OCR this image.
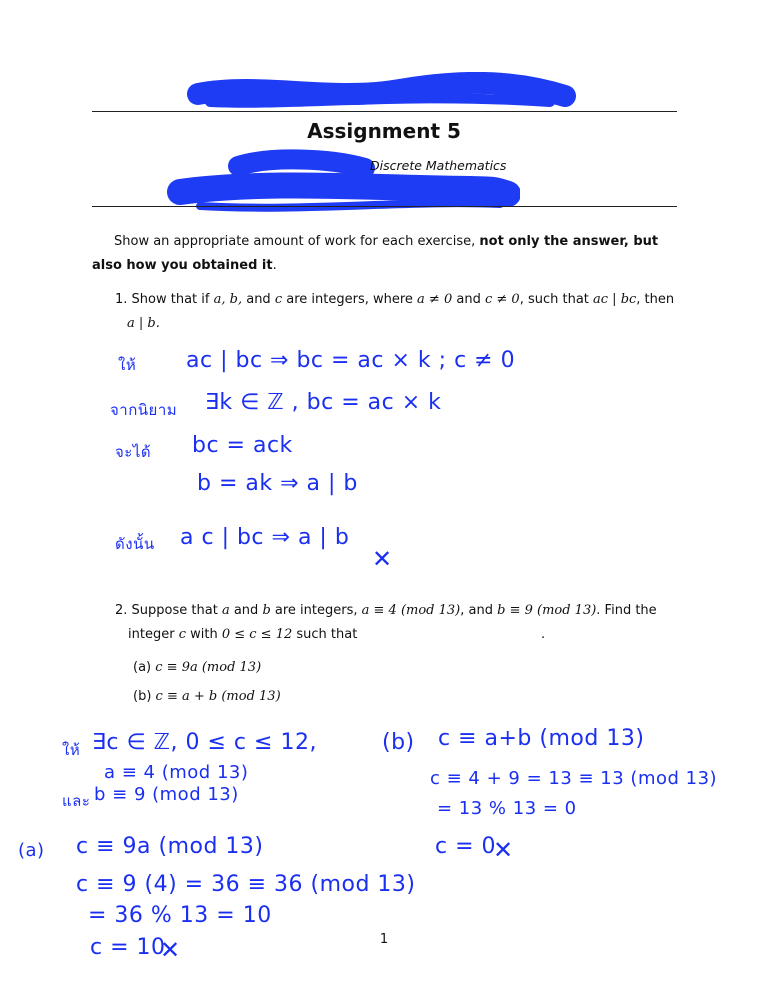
Assignment 5
Discrete Mathematics
Show an appropriate amount of work for each exercise, not only the answer, but also how you obtained it.
1. Show that if a, b, and c are integers, where a ≠ 0 and c ≠ 0, such that ac | bc, then
a | b.
ให้ ac | bc ⇒ bc = ac × k ; c ≠ 0
จากนิยาม ∃k ∈ ℤ , bc = ac × k
จะได้ bc = ack
b = ak ⇒ a | b
ดังนั้น a c | bc ⇒ a | b
✕
2. Suppose that a and b are integers, a ≡ 4 (mod 13), and b ≡ 9 (mod 13). Find the
integer c with 0 ≤ c ≤ 12 such that	.
(a) c ≡ 9a (mod 13)
(b) c ≡ a + b (mod 13)
ให้ ∃c ∈ ℤ, 0 ≤ c ≤ 12,
a ≡ 4 (mod 13)
และ b ≡ 9 (mod 13)
(a) c ≡ 9a (mod 13)
c ≡ 9 (4) = 36 ≡ 36 (mod 13)
= 36 % 13 = 10
c = 10
✕
(b) c ≡ a+b (mod 13)
c ≡ 4 + 9 = 13 ≡ 13 (mod 13)
= 13 % 13 = 0
c = 0
✕
1
